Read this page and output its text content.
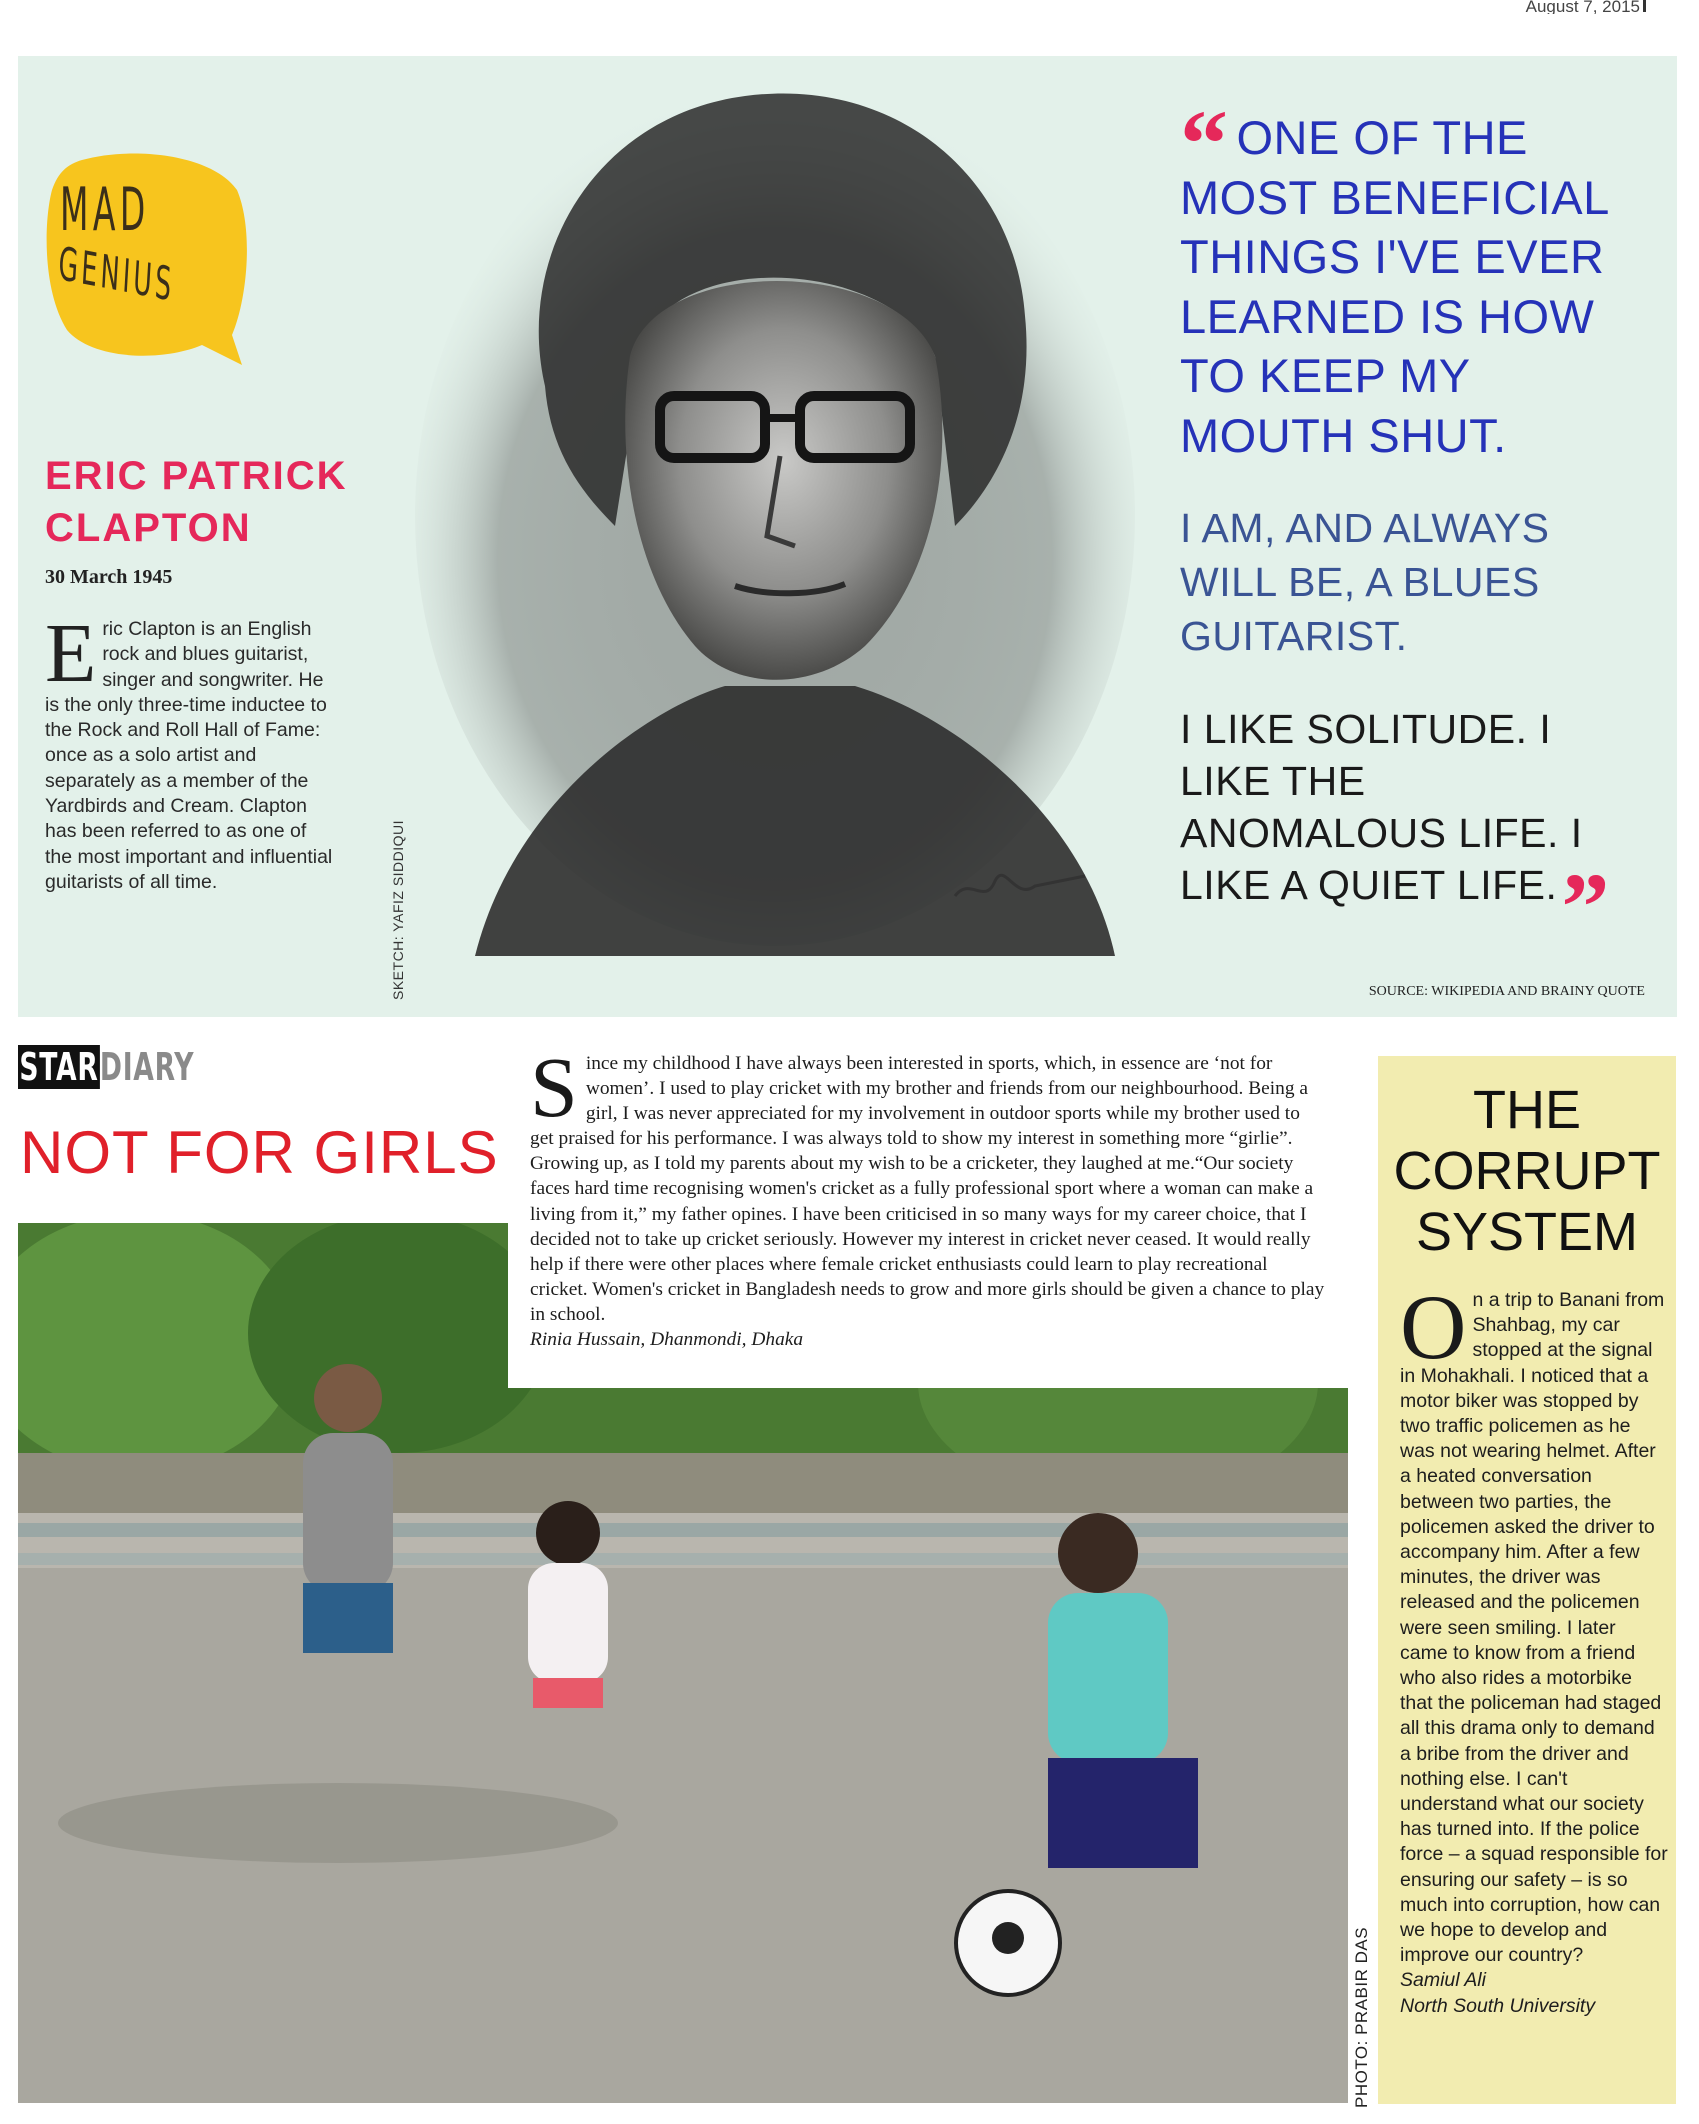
August 7, 2015
MAD
GENIUS
ERIC PATRICK
CLAPTON
30 March 1945
Eric Clapton is an English rock and blues guitarist, singer and songwriter. He is the only three-time inductee to the Rock and Roll Hall of Fame: once as a solo artist and separately as a member of the Yardbirds and Cream. Clapton has been referred to as one of the most important and influential guitarists of all time.	SKETCH: YAFIZ SIDDIQUI
“ ONE OF THE MOST BENEFICIAL THINGS I'VE EVER LEARNED IS HOW TO KEEP MY MOUTH SHUT.
I AM, AND ALWAYS WILL BE, A BLUES GUITARIST.
I LIKE SOLITUDE. I LIKE THE ANOMALOUS LIFE. I LIKE A QUIET LIFE.”
SOURCE: WIKIPEDIA AND BRAINY QUOTE
STARDIARY
NOT FOR GIRLS
Since my childhood I have always been interested in sports, which, in essence are ‘not for women’. I used to play cricket with my brother and friends from our neighbourhood. Being a girl, I was never appreciated for my involvement in outdoor sports while my brother used to get praised for his performance. I was always told to show my interest in something more “girlie”. Growing up, as I told my parents about my wish to be a cricketer, they laughed at me.“Our society faces hard time recognising women's cricket as a fully professional sport where a woman can make a living from it,” my father opines. I have been criticised in so many ways for my career choice, that I decided not to take up cricket seriously. However my interest in cricket never ceased. It would really help if there were other places where female cricket enthusiasts could learn to play recreational cricket. Women's cricket in Bangladesh needs to grow and more girls should be given a chance to play in school.
Rinia Hussain, Dhanmondi, Dhaka
PHOTO: PRABIR DAS
THE
CORRUPT
SYSTEM
On a trip to Banani from Shahbag, my car stopped at the signal in Mohakhali. I noticed that a motor biker was stopped by two traffic policemen as he was not wearing helmet. After a heated conversation between two parties, the policemen asked the driver to accompany him. After a few minutes, the driver was released and the policemen were seen smiling. I later came to know from a friend who also rides a motorbike that the policeman had staged all this drama only to demand a bribe from the driver and nothing else. I can't understand what our society has turned into. If the police force – a squad responsible for ensuring our safety – is so much into corruption, how can we hope to develop and improve our country?
Samiul Ali
North South University
